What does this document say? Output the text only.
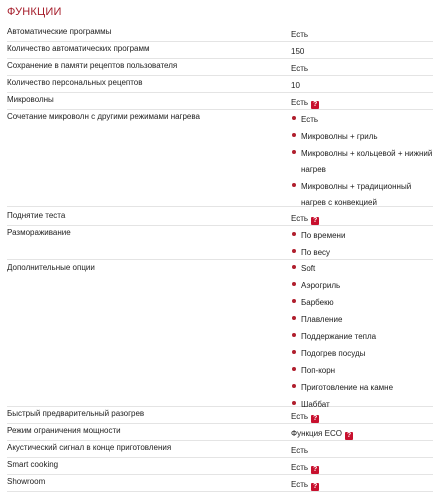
ФУНКЦИИ
Автоматические программы	Есть
Количество автоматических программ	150
Сохранение в памяти рецептов пользователя	Есть
Количество персональных рецептов	10
Микроволны	Есть ?
Сочетание микроволн с другими режимами нагрева	Есть
Микроволны + гриль
Микроволны + кольцевой + нижний нагрев
Микроволны + традиционный нагрев с конвекцией
Поднятие теста	Есть ?
Размораживание	По времени
По весу
Дополнительные опции	Soft
Аэрогриль
Барбекю
Плавление
Поддержание тепла
Подогрев посуды
Поп-корн
Приготовление на камне
Шаббат
Быстрый предварительный разогрев	Есть ?
Режим ограничения мощности	Функция ECO ?
Акустический сигнал в конце приготовления	Есть
Smart cooking	Есть ?
Showroom	Есть ?
